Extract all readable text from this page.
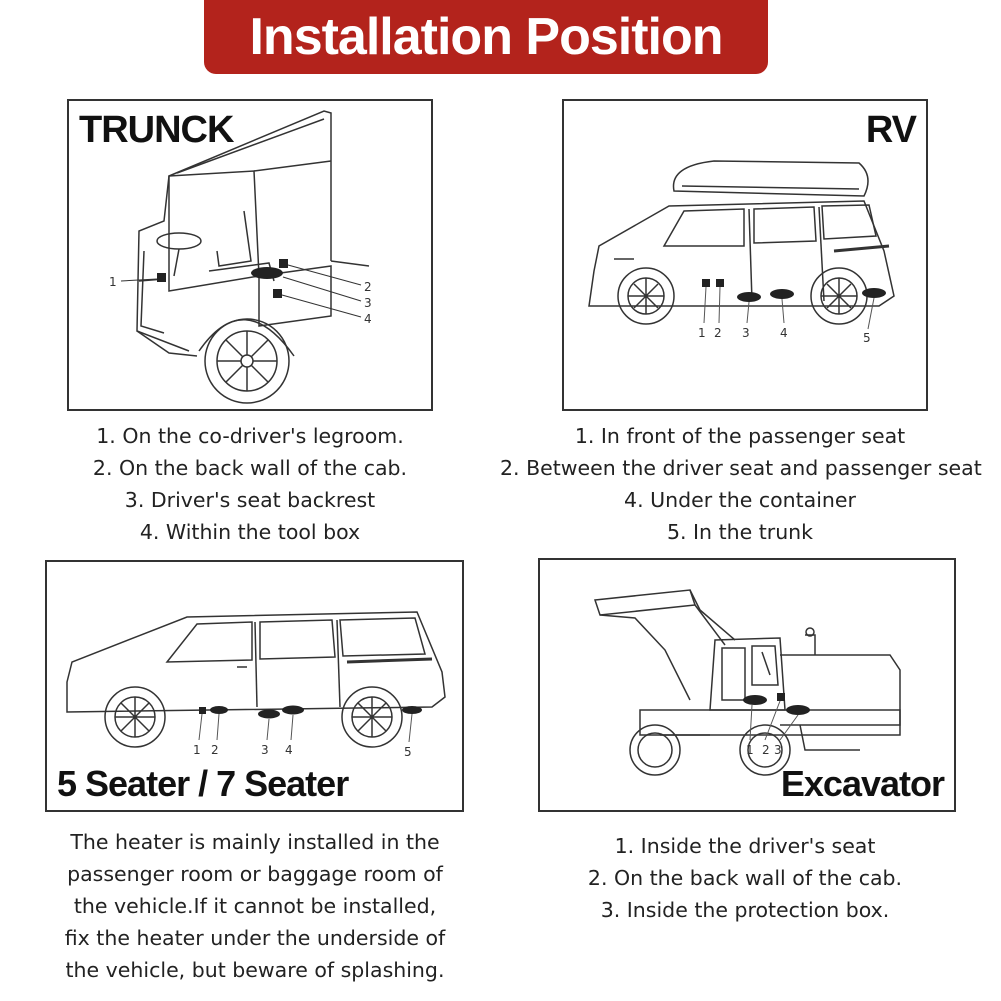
Installation Position
TRUNCK
1	2
3
4
1. On the co-driver's legroom.
2. On the back wall of the cab.
3. Driver's seat backrest
4. Within the tool box
RV
1 2 3	4	5
1. In front of the passenger seat
2. Between the driver seat and passenger seat
4. Under the container
5. In the trunk
5 Seater / 7 Seater
1 2	3 4	5
The heater is mainly installed in the
passenger room or baggage room of
the vehicle.If it cannot be installed,
fix the heater under the underside of
the vehicle, but beware of splashing.
Excavator
1 2 3
1. Inside the driver's seat
2. On the back wall of the cab.
3. Inside the protection box.
